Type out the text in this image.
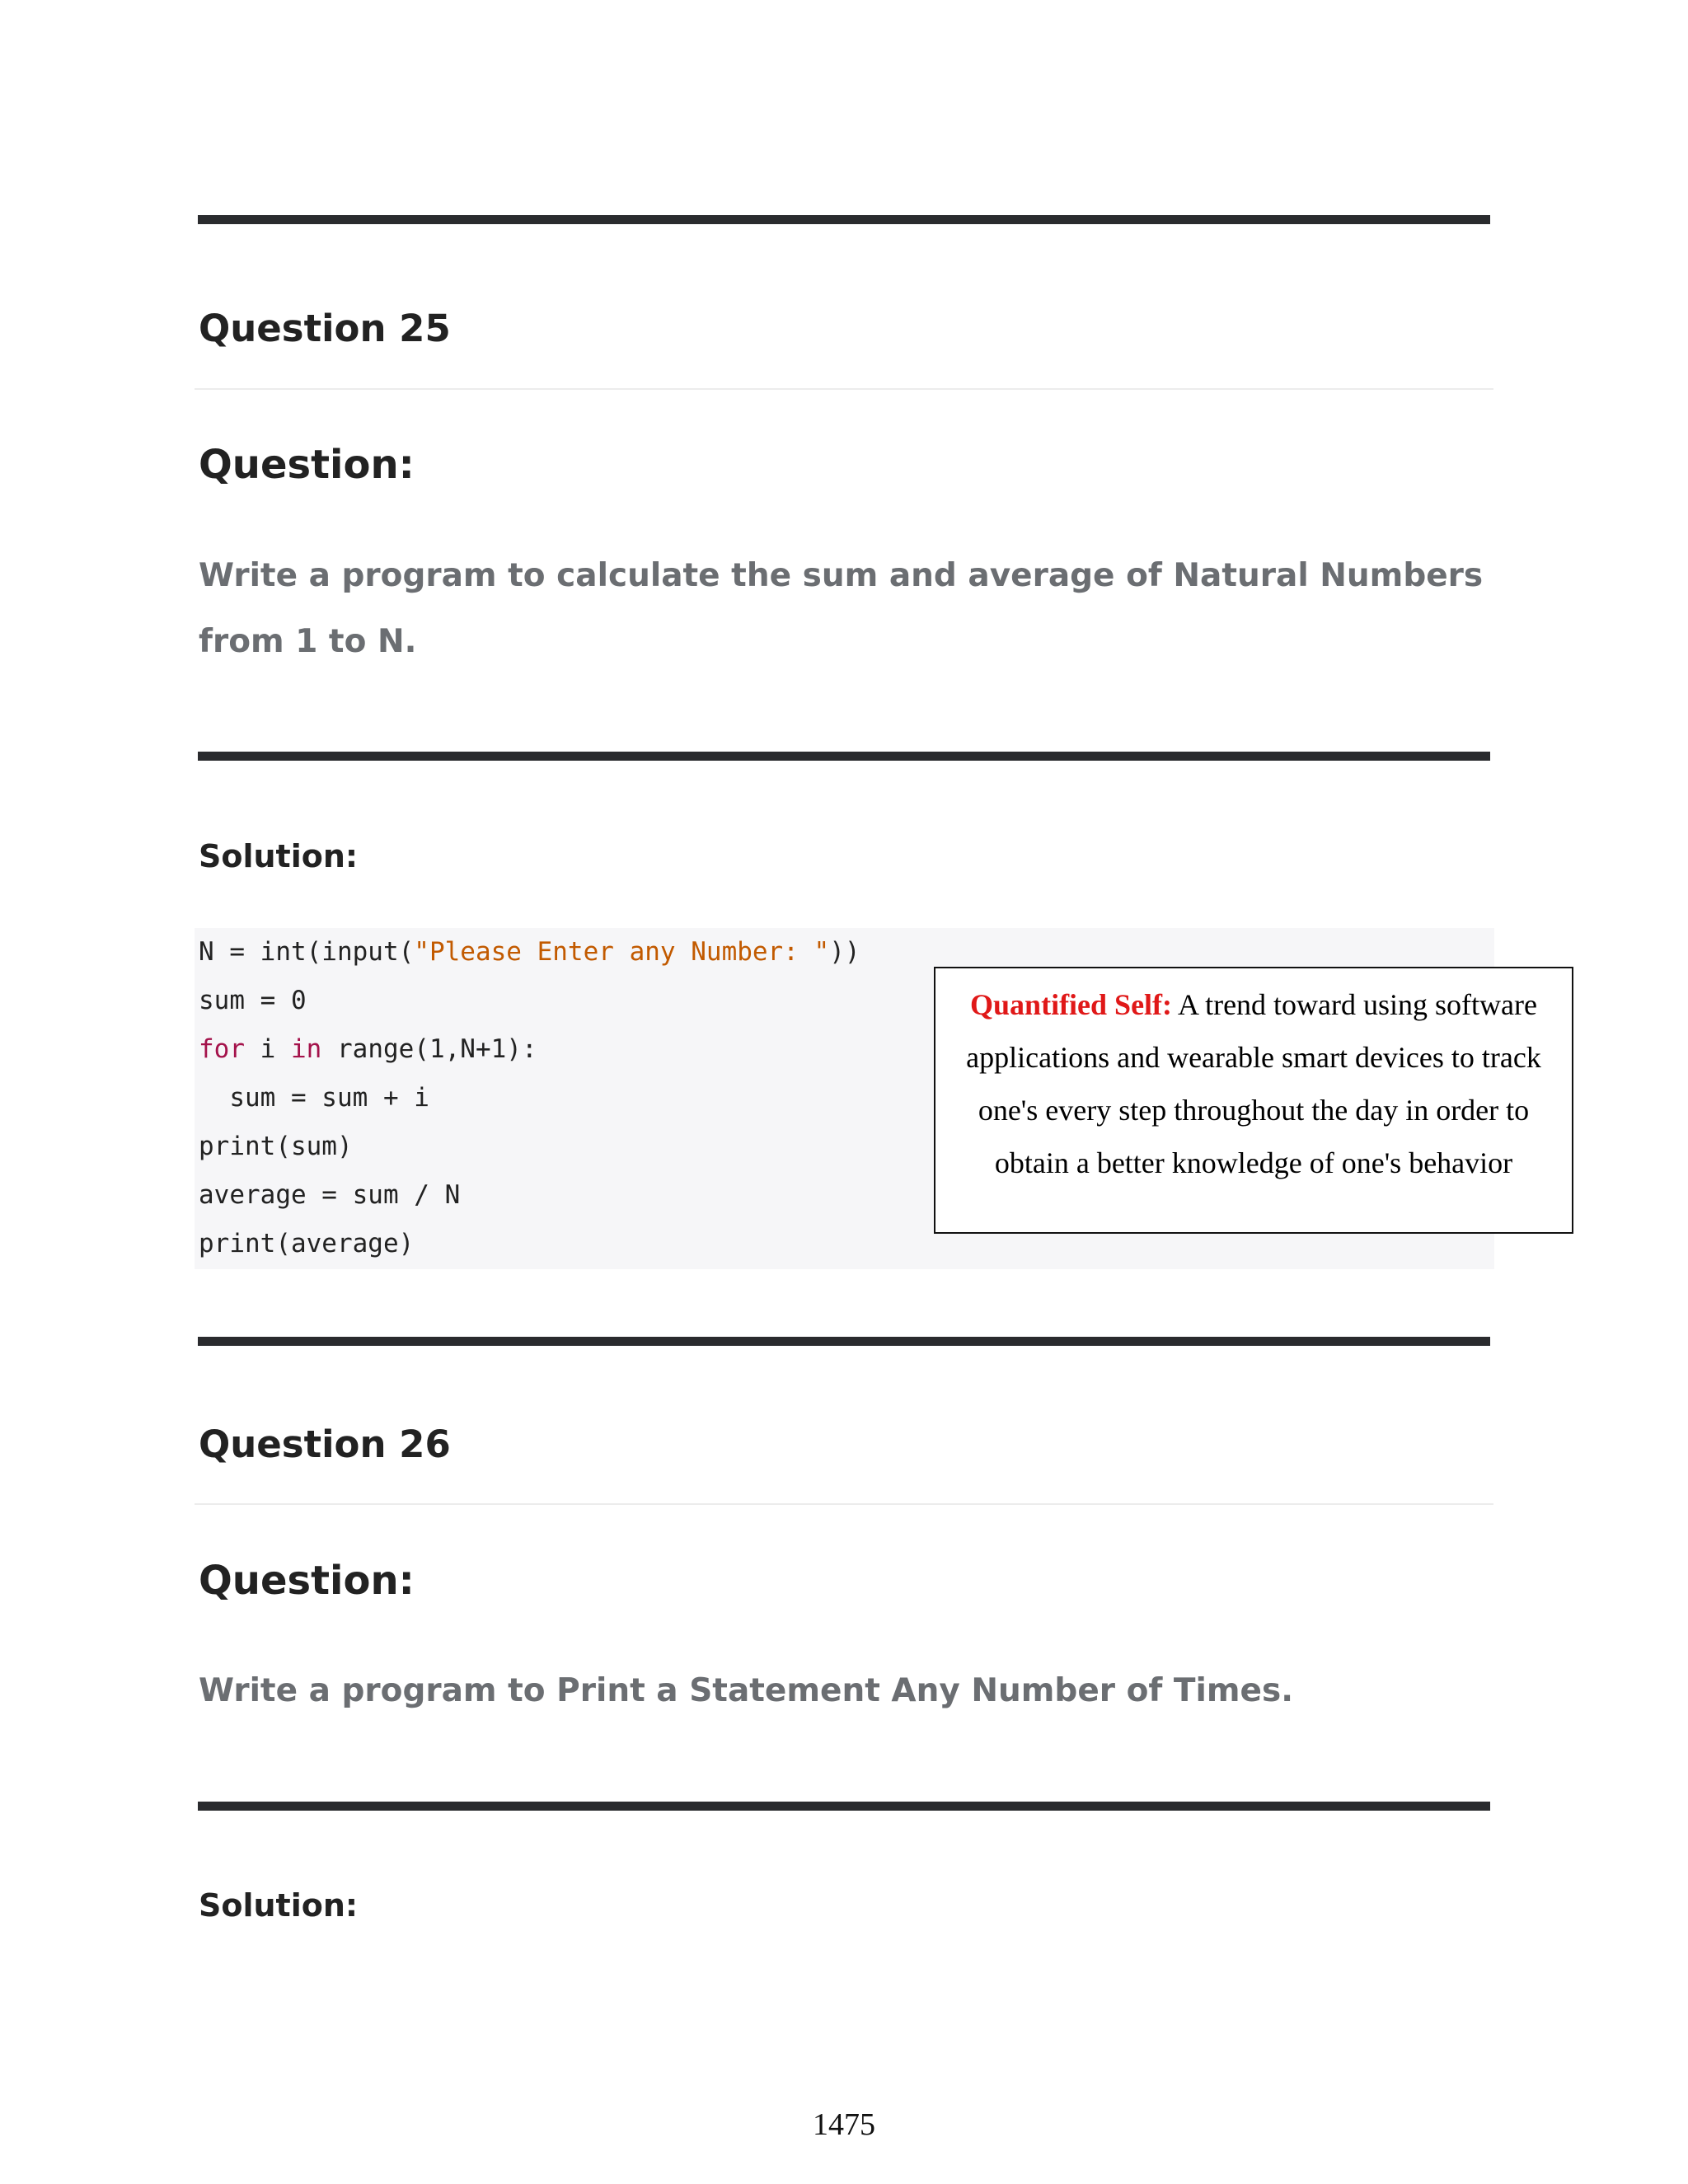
Question 25
Question:

Write a program to calculate the sum and average of Natural Numbers from 1 to N.

Solution:
N = int(input("Please Enter any Number: "))
sum = 0
for i in range(1,N+1):
sum = sum + i
print(sum)
average = sum / N
print(average)
Quantified Self: A trend toward using software applications and wearable smart devices to track one's every step throughout the day in order to obtain a better knowledge of one's behavior
Question 26
Question:

Write a program to Print a Statement Any Number of Times.

Solution:
1475
